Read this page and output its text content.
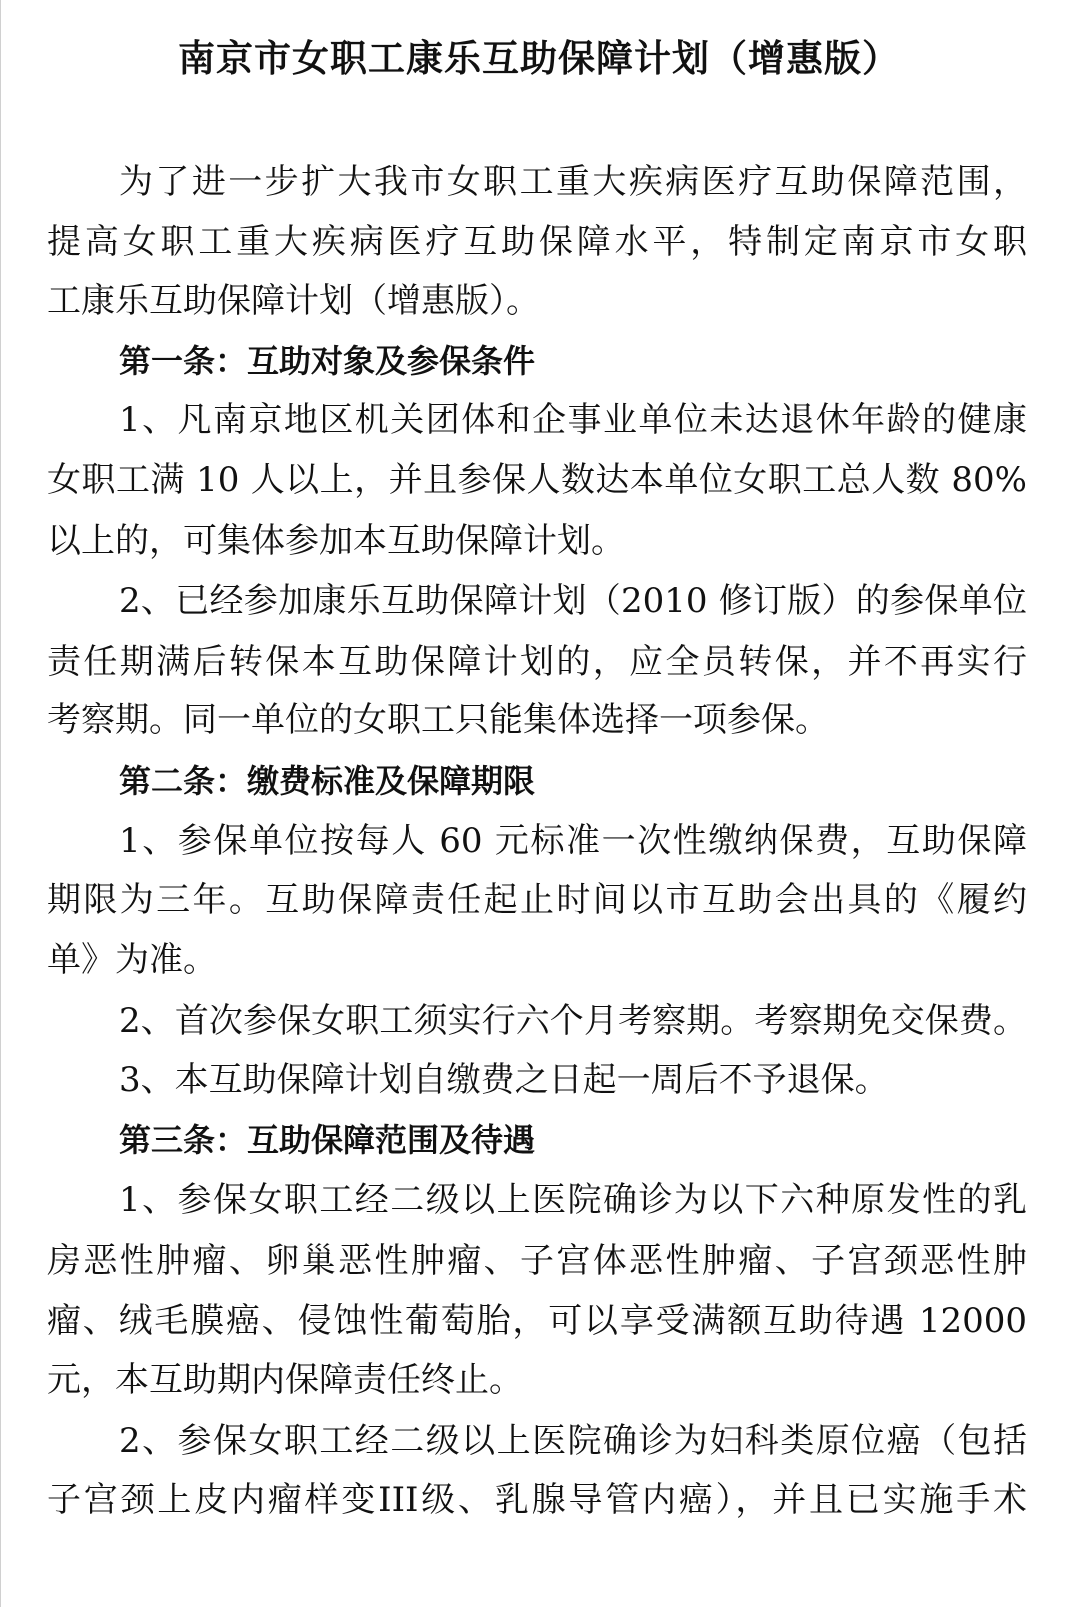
南京市女职工康乐互助保障计划（增惠版）
为了进一步扩大我市女职工重大疾病医疗互助保障范围，
提高女职工重大疾病医疗互助保障水平，特制定南京市女职
工康乐互助保障计划（增惠版）。
第一条：互助对象及参保条件
1、凡南京地区机关团体和企事业单位未达退休年龄的健康
女职工满 10 人以上，并且参保人数达本单位女职工总人数 80%
以上的，可集体参加本互助保障计划。
2、已经参加康乐互助保障计划（2010 修订版）的参保单位
责任期满后转保本互助保障计划的，应全员转保，并不再实行
考察期。同一单位的女职工只能集体选择一项参保。
第二条：缴费标准及保障期限
1、参保单位按每人 60 元标准一次性缴纳保费，互助保障
期限为三年。互助保障责任起止时间以市互助会出具的《履约
单》为准。
2、首次参保女职工须实行六个月考察期。考察期免交保费。
3、本互助保障计划自缴费之日起一周后不予退保。
第三条：互助保障范围及待遇
1、参保女职工经二级以上医院确诊为以下六种原发性的乳
房恶性肿瘤、卵巢恶性肿瘤、子宫体恶性肿瘤、子宫颈恶性肿
瘤、绒毛膜癌、侵蚀性葡萄胎，可以享受满额互助待遇 12000
元，本互助期内保障责任终止。
2、参保女职工经二级以上医院确诊为妇科类原位癌（包括
子宫颈上皮内瘤样变III级、乳腺导管内癌），并且已实施手术
